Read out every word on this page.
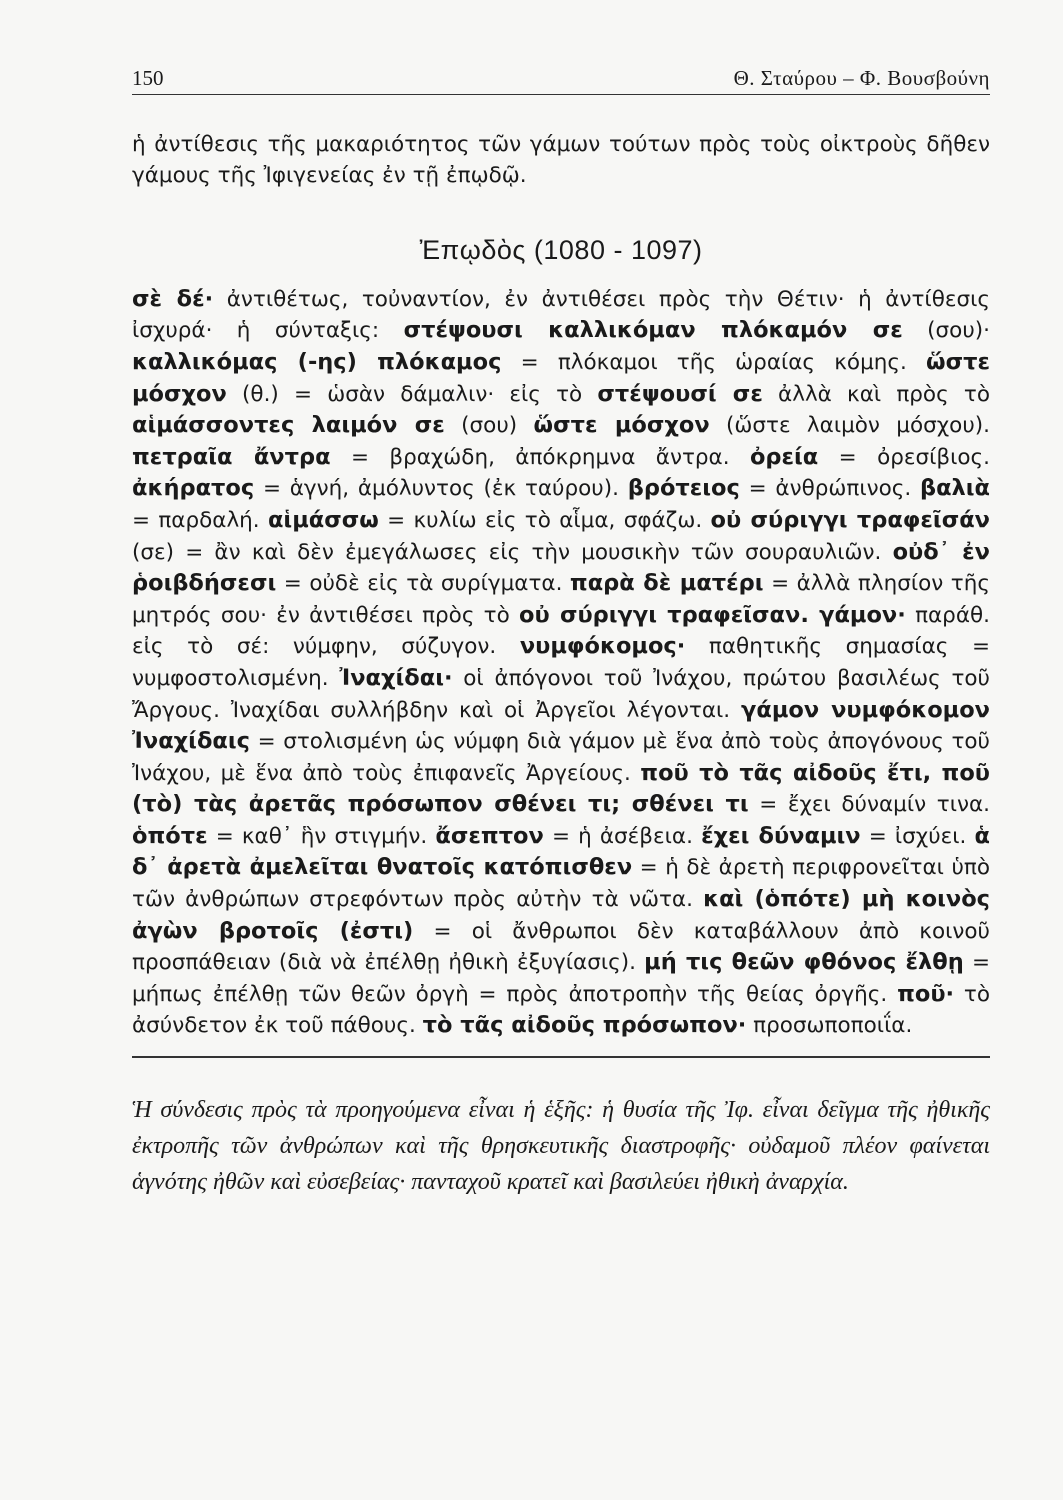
150	Θ. Σταύρου – Φ. Βουσβούνη

ἡ ἀντίθεσις τῆς μακαριότητος τῶν γάμων τούτων πρὸς τοὺς οἰκτροὺς δῆθεν γάμους τῆς Ἰφιγενείας ἐν τῇ ἐπῳδῷ.

Ἐπῳδὸς (1080 - 1097)
σὲ δέ· ἀντιθέτως, τοὐναντίον, ἐν ἀντιθέσει πρὸς τὴν Θέτιν· ἡ ἀντίθεσις ἰσχυρά· ἡ σύνταξις: στέψουσι καλλικόμαν πλόκαμόν σε (σου)· καλλικόμας (-ης) πλόκαμος = πλόκαμοι τῆς ὡραίας κόμης. ὥστε μόσχον (θ.) = ὡσὰν δάμαλιν· εἰς τὸ στέψουσί σε ἀλλὰ καὶ πρὸς τὸ αἱμάσσοντες λαιμόν σε (σου) ὥστε μόσχον (ὥστε λαιμὸν μόσχου). πετραῖα ἄντρα = βραχώδη, ἀπόκρημνα ἄντρα. ὀρεία = ὀρεσίβιος. ἀκήρατος = ἁγνή, ἀμόλυντος (ἐκ ταύρου). βρότειος = ἀνθρώπινος. βαλιὰ = παρδαλή. αἱμάσσω = κυλίω εἰς τὸ αἷμα, σφάζω. οὐ σύριγγι τραφεῖσάν (σε) = ἂν καὶ δὲν ἐμεγάλωσες εἰς τὴν μουσικὴν τῶν σουραυλιῶν. οὐδ᾽ ἐν ῥοιβδήσεσι = οὐδὲ εἰς τὰ συρίγματα. παρὰ δὲ ματέρι = ἀλλὰ πλησίον τῆς μητρός σου· ἐν ἀντιθέσει πρὸς τὸ οὐ σύριγγι τραφεῖσαν. γάμον· παράθ. εἰς τὸ σέ: νύμφην, σύζυγον. νυμφόκομος· παθητικῆς σημασίας = νυμφοστολισμένη. Ἰναχίδαι· οἱ ἀπόγονοι τοῦ Ἰνάχου, πρώτου βασιλέως τοῦ Ἄργους. Ἰναχίδαι συλλήβδην καὶ οἱ Ἀργεῖοι λέγονται. γάμον νυμφόκομον Ἰναχίδαις = στολισμένη ὡς νύμφη διὰ γάμον μὲ ἕνα ἀπὸ τοὺς ἀπογόνους τοῦ Ἰνάχου, μὲ ἕνα ἀπὸ τοὺς ἐπιφανεῖς Ἀργείους. ποῦ τὸ τᾶς αἰδοῦς ἔτι, ποῦ (τὸ) τὰς ἀρετᾶς πρόσωπον σθένει τι; σθένει τι = ἔχει δύναμίν τινα. ὁπότε = καθ᾽ ἣν στιγμήν. ἄσεπτον = ἡ ἀσέβεια. ἔχει δύναμιν = ἰσχύει. ἁ δ᾽ ἀρετὰ ἀμελεῖται θνατοῖς κατόπισθεν = ἡ δὲ ἀρετὴ περιφρονεῖται ὑπὸ τῶν ἀνθρώπων στρεφόντων πρὸς αὐτὴν τὰ νῶτα. καὶ (ὁπότε) μὴ κοινὸς ἀγὼν βροτοῖς (ἐστι) = οἱ ἄνθρωποι δὲν καταβάλλουν ἀπὸ κοινοῦ προσπάθειαν (διὰ νὰ ἐπέλθῃ ἠθικὴ ἐξυγίασις). μή τις θεῶν φθόνος ἔλθῃ = μήπως ἐπέλθῃ τῶν θεῶν ὀργὴ = πρὸς ἀποτροπὴν τῆς θείας ὀργῆς. ποῦ· τὸ ἀσύνδετον ἐκ τοῦ πάθους. τὸ τᾶς αἰδοῦς πρόσωπον· προσωποποιΐα.
Ἡ σύνδεσις πρὸς τὰ προηγούμενα εἶναι ἡ ἑξῆς: ἡ θυσία τῆς Ἰφ. εἶναι δεῖγμα τῆς ἠθικῆς ἐκτροπῆς τῶν ἀνθρώπων καὶ τῆς θρησκευτικῆς διαστροφῆς· οὐδαμοῦ πλέον φαίνεται ἁγνότης ἠθῶν καὶ εὐσεβείας· πανταχοῦ κρατεῖ καὶ βασιλεύει ἠθικὴ ἀναρχία.
